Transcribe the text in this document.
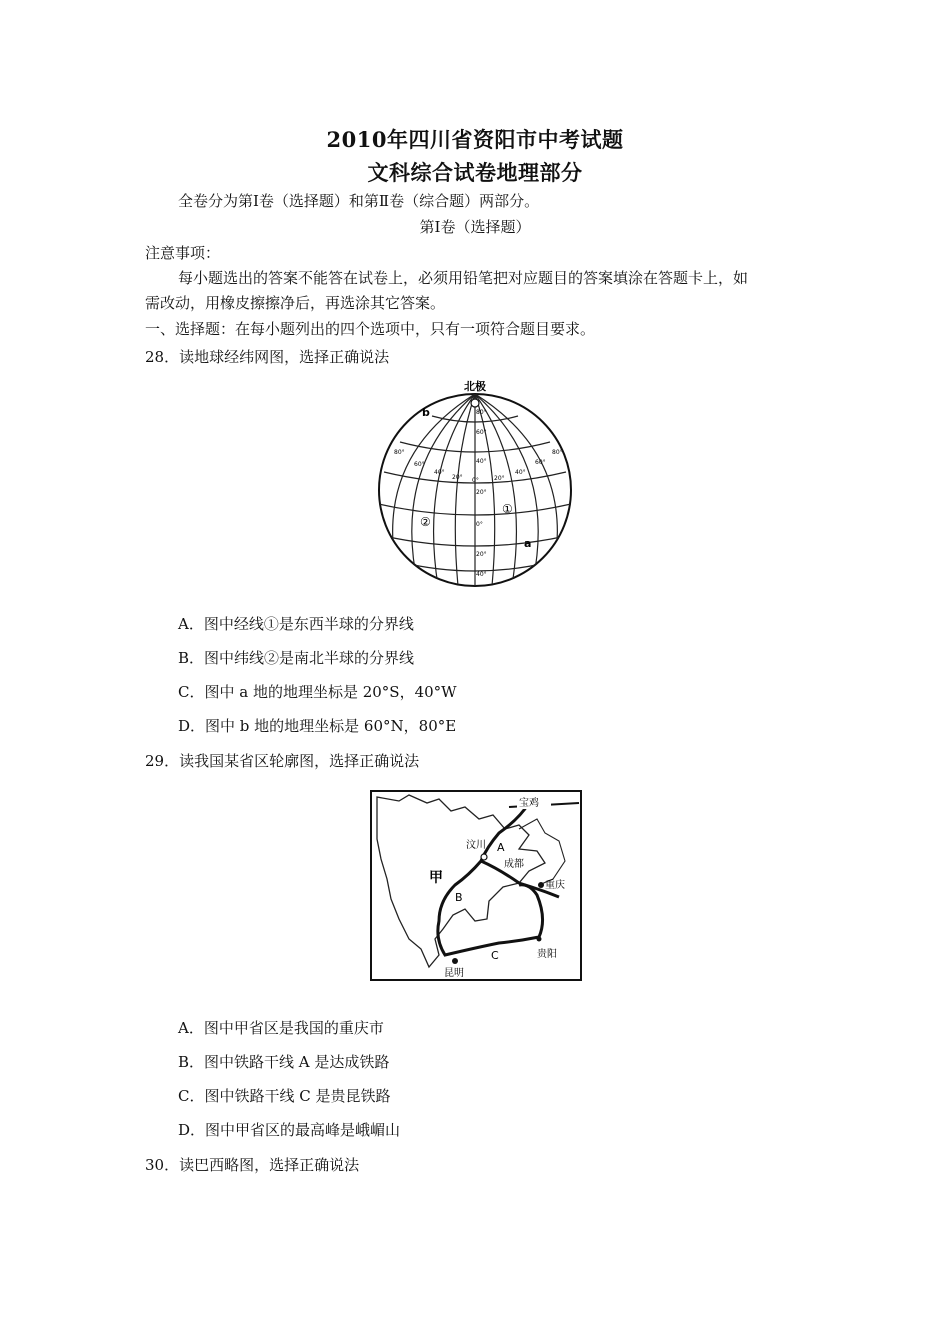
2010年四川省资阳市中考试题
文科综合试卷地理部分
全卷分为第Ⅰ卷（选择题）和第Ⅱ卷（综合题）两部分。
第Ⅰ卷（选择题）
注意事项：
每小题选出的答案不能答在试卷上，必须用铅笔把对应题目的答案填涂在答题卡上，如
需改动，用橡皮擦擦净后，再选涂其它答案。
一、选择题：在每小题列出的四个选项中，只有一项符合题目要求。
28．读地球经纬网图，选择正确说法
北极
b
a
①
②
80°
60°
40°
20°
0°
20°
40°
80°
60°
40°
20° 0°	20°
40°
60°
80°
A．图中经线①是东西半球的分界线
B．图中纬线②是南北半球的分界线
C．图中 a 地的地理坐标是 20°S，40°W
D．图中 b 地的地理坐标是 60°N，80°E
29．读我国某省区轮廓图，选择正确说法
宝鸡
汶川
成都
甲	重庆
昆明
贵阳
A
B
C
A．图中甲省区是我国的重庆市
B．图中铁路干线 A 是达成铁路
C．图中铁路干线 C 是贵昆铁路
D．图中甲省区的最高峰是峨嵋山
30．读巴西略图，选择正确说法
